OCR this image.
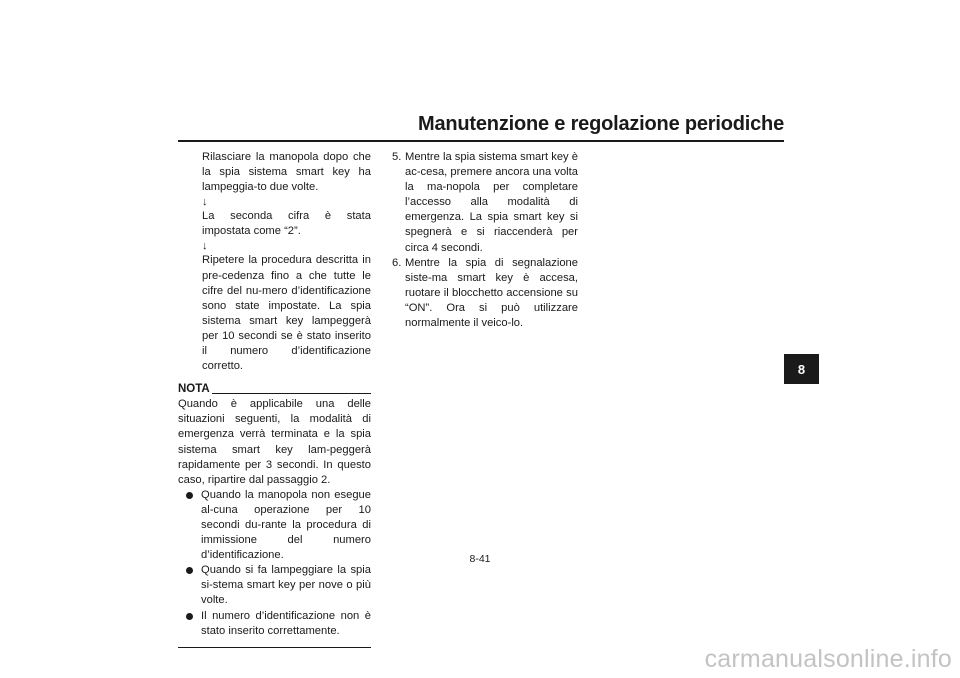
Manutenzione e regolazione periodiche

Rilasciare la manopola dopo che la spia sistema smart key ha lampeggia-to due volte.

↓

La seconda cifra è stata impostata come “2”.

↓

Ripetere la procedura descritta in pre-cedenza fino a che tutte le cifre del nu-mero d’identificazione sono state impostate. La spia sistema smart key lampeggerà per 10 secondi se è stato inserito il numero d’identificazione corretto.

NOTA

Quando è applicabile una delle situazioni seguenti, la modalità di emergenza verrà terminata e la spia sistema smart key lam-peggerà rapidamente per 3 secondi. In questo caso, ripartire dal passaggio 2.

Quando la manopola non esegue al-cuna operazione per 10 secondi du-rante la procedura di immissione del numero d’identificazione.
Quando si fa lampeggiare la spia si-stema smart key per nove o più volte.
Il numero d’identificazione non è stato inserito correttamente.
5. Mentre la spia sistema smart key è ac-cesa, premere ancora una volta la ma-nopola per completare l’accesso alla modalità di emergenza. La spia smart key si spegnerà e si riaccenderà per circa 4 secondi.
6. Mentre la spia di segnalazione siste-ma smart key è accesa, ruotare il blocchetto accensione su “ON”. Ora si può utilizzare normalmente il veico-lo.
8
8-41
carmanualsonline.info
